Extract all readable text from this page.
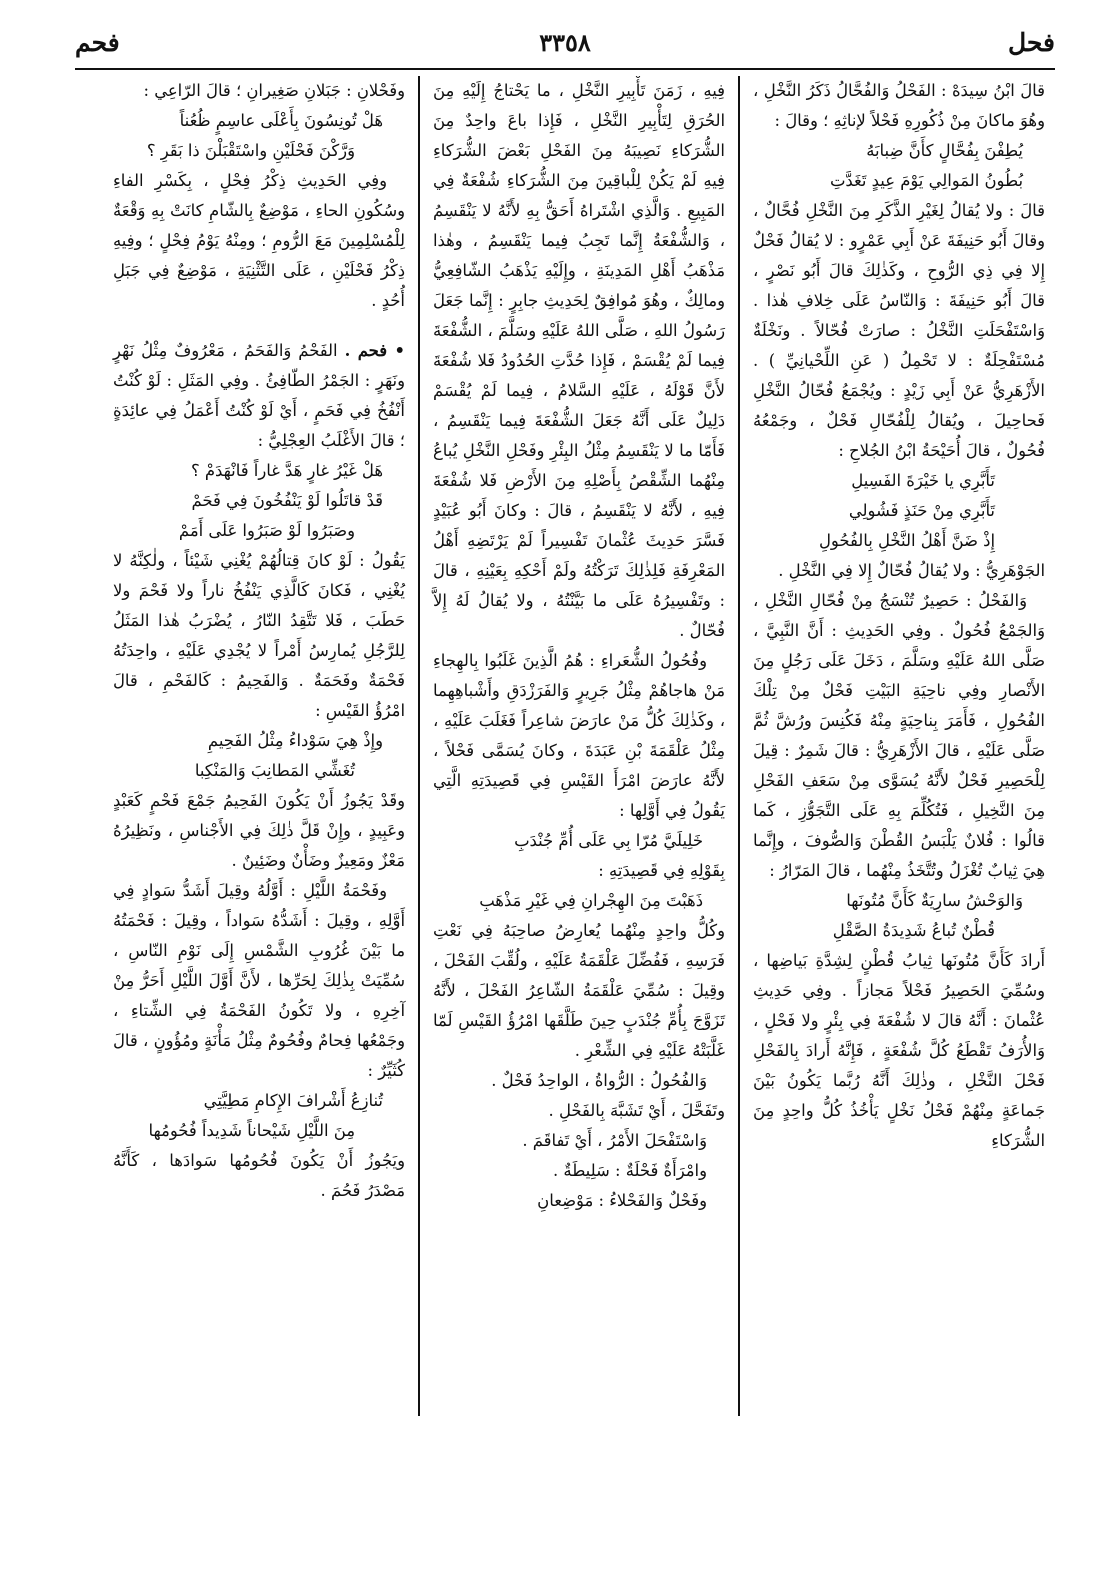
فحل
٣٣٥٨
فحم

قالَ ابْنُ سِيدَهْ : الفَحْلُ وَالفُحَّالُ ذَكَرُ النَّخْلِ ، وهُوَ ماكانَ مِنْ ذُكُورِهِ فَحْلاً لإناثِهِ ؛ وقالَ :

يُطِفْنَ بِفُحَّالٍ كأَنَّ ضِبابَهُ

بُطُونُ المَوالِي يَوْمَ عِيدٍ تَغَدَّتِ

قالَ : ولا يُقالُ لِغَيْرِ الذَّكَرِ مِنَ النَّخْلِ فُحَّالٌ ، وقالَ أَبُو حَنِيفَةَ عَنْ أَبِي عَمْرٍو : لا يُقالُ فَحْلٌ إِلا فِي ذِي الرُّوحِ ، وكَذٰلِكَ قالَ أَبُو نَصْرٍ ، قالَ أَبُو حَنِيفَةَ : وَالنّاسُ عَلَى خِلافِ هٰذا . وَاسْتَفْحَلَتِ النَّخْلُ : صارَتْ فُحّالاً . ونَخْلَةٌ مُسْتَفْحِلَةٌ : لا تَحْمِلُ ( عَنِ اللِّحْيانِيِّ ) . الأَزْهَرِيُّ عَنْ أَبِي زَيْدٍ : ويُجْمَعُ فُحّالُ النَّخْلِ فَحاحِيلَ ، ويُقالُ لِلْفُحّالِ فَحْلٌ ، وجَمْعُهُ فُحُولٌ ، قالَ أُحَيْحَةُ ابْنُ الجُلاحِ :

تَأَبَّرِي يا خَيْرَةَ الفَسِيلِ

تَأَبَّرِي مِنْ حَنَذٍ فَشُولِي

إِذْ ضَنَّ أَهْلُ النَّخْلِ بِالفُحُولِ

الجَوْهَرِيُّ : ولا يُقالُ فُحّالٌ إِلا فِي النَّخْلِ .

وَالفَحْلُ : حَصِيرٌ تُنْسَجُ مِنْ فُحّالِ النَّخْلِ ، وَالجَمْعُ فُحُولٌ . وفِي الحَدِيثِ : أَنَّ النَّبِيَّ ، صَلَّى اللهُ عَلَيْهِ وسَلَّمَ ، دَخَلَ عَلَى رَجُلٍ مِنَ الأَنْصارِ وفِي ناحِيَةِ البَيْتِ فَحْلٌ مِنْ تِلْكَ الفُحُولِ ، فَأَمَرَ بِناحِيَةٍ مِنْهُ فَكُنِسَ ورُشَّ ثُمَّ صَلَّى عَلَيْهِ ، قالَ الأَزْهَرِيُّ : قالَ شَمِرٌ : قِيلَ لِلْحَصِيرِ فَحْلٌ لأَنَّهُ يُسَوَّى مِنْ سَعَفِ الفَحْلِ مِنَ النَّخِيلِ ، فَتُكُلِّمَ بِهِ عَلَى التَّجَوُّزِ ، كَما قالُوا : فُلانٌ يَلْبَسُ القُطْنَ وَالصُّوفَ ، وإِنَّما هِيَ ثِيابٌ تُغْزَلُ وتُتَّخَذُ مِنْهُما ، قالَ المَرّارُ :

وَالوَحْشُ سارِيَةٌ كَأَنَّ مُتُونَها

قُطْنٌ تُباعُ شَدِيدَةُ الصَّقْلِ

أَرادَ كَأَنَّ مُتُونَها ثِيابُ قُطْنٍ لِشِدَّةِ بَياضِها ، وسُمِّيَ الحَصِيرُ فَحْلاً مَجازاً . وفِي حَدِيثِ عُثْمانَ : أَنَّهُ قالَ لا شُفْعَةَ فِي بِئْرٍ ولا فَحْلٍ ، وَالأُرَفُ تَقْطَعُ كُلَّ شُفْعَةٍ ، فَإِنَّهُ أَرادَ بِالفَحْلِ فَحْلَ النَّخْلِ ، وذٰلِكَ أَنَّهُ رُبَّما يَكُونُ بَيْنَ جَماعَةٍ مِنْهُمْ فَحْلُ نَخْلٍ يَأْخُذُ كُلُّ واحِدٍ مِنَ الشُّرَكاءِ

فِيهِ ، زَمَنَ تَأْبِيرِ النَّخْلِ ، ما يَحْتاجُ إِلَيْهِ مِنَ الحُرَقِ لِتَأْبِيرِ النَّخْلِ ، فَإِذا باعَ واحِدٌ مِنَ الشُّرَكاءِ نَصِيبَهُ مِنَ الفَحْلِ بَعْضَ الشُّرَكاءِ فِيهِ لَمْ يَكُنْ لِلْباقِينَ مِنَ الشُّرَكاءِ شُفْعَةٌ فِي المَبِيعِ . وَالَّذِي اشْتَراهُ أَحَقُّ بِهِ لأَنَّهُ لا يَنْقَسِمُ ، وَالشُّفْعَةُ إِنَّما تَجِبُ فِيما يَنْقَسِمُ ، وهٰذا مَذْهَبُ أَهْلِ المَدِينَةِ ، وإِلَيْهِ يَذْهَبُ الشّافِعِيُّ ومالِكٌ ، وهُوَ مُوافِقٌ لِحَدِيثِ جابِرٍ : إِنَّما جَعَلَ رَسُولُ اللهِ ، صَلَّى اللهُ عَلَيْهِ وسَلَّمَ ، الشُّفْعَةَ فِيما لَمْ يُقْسَمْ ، فَإِذا حُدَّتِ الحُدُودُ فَلا شُفْعَةَ لأَنَّ قَوْلَهُ ، عَلَيْهِ السَّلامُ ، فِيما لَمْ يُقْسَمْ دَلِيلٌ عَلَى أَنَّهُ جَعَلَ الشُّفْعَةَ فِيما يَنْقَسِمُ ، فَأَمّا ما لا يَنْقَسِمُ مِثْلُ البِئْرِ وفَحْلِ النَّخْلِ يُباعُ مِنْهُما الشِّقْصُ بِأَصْلِهِ مِنَ الأَرْضِ فَلا شُفْعَةَ فِيهِ ، لأَنَّهُ لا يَنْقَسِمُ ، قالَ : وكانَ أَبُو عُبَيْدٍ فَسَّرَ حَدِيثَ عُثْمانَ تَفْسِيراً لَمْ يَرْتَضِهِ أَهْلُ المَعْرِفَةِ فَلِذٰلِكَ تَرَكْتُهُ ولَمْ أَحْكِهِ بِعَيْنِهِ ، قالَ : وتَفْسِيرُهُ عَلَى ما بَيَّنْتُهُ ، ولا يُقالُ لَهُ إِلاَّ فُحّالٌ .

وفُحُولُ الشُّعَراءِ : هُمُ الَّذِينَ غَلَبُوا بِالهِجاءِ مَنْ هاجاهُمْ مِثْلُ جَرِيرٍ وَالفَرَزْدَقِ وأَشْباهِهِما ، وكَذٰلِكَ كُلُّ مَنْ عارَضَ شاعِراً فَغَلَبَ عَلَيْهِ ، مِثْلُ عَلْقَمَةَ بْنِ عَبَدَةَ ، وكانَ يُسَمَّى فَحْلاً ، لأَنَّهُ عارَضَ امْرَأَ القَيْسِ فِي قَصِيدَتِهِ الَّتِي يَقُولُ فِي أَوَّلِها :

خَلِيلَيَّ مُرّا بِي عَلَى أُمِّ جُنْدَبِ

بِقَوْلِهِ فِي قَصِيدَتِهِ :

ذَهَبْتَ مِنَ الهِجْرانِ فِي غَيْرِ مَذْهَبِ

وكُلُّ واحِدٍ مِنْهُما يُعارِضُ صاحِبَهُ فِي نَعْتِ فَرَسِهِ ، فَفُضِّلَ عَلْقَمَةُ عَلَيْهِ ، ولُقِّبَ الفَحْلَ ، وقِيلَ : سُمِّيَ عَلْقَمَةُ الشّاعِرُ الفَحْلَ ، لأَنَّهُ تَزَوَّجَ بِأُمِّ جُنْدَبٍ حِينَ طَلَّقَها امْرُؤُ القَيْسِ لَمّا غَلَّبَتْهُ عَلَيْهِ فِي الشِّعْرِ .

وَالفُحُولُ : الرُّواةُ ، الواحِدُ فَحْلٌ .

وتَفَحَّلَ ، أَيْ تَشَبَّهَ بِالفَحْلِ .

وَاسْتَفْحَلَ الأَمْرُ ، أَيْ تَفاقَمَ .

وامْرَأَةٌ فَحْلَةٌ : سَلِيطَةٌ .

وفَحْلٌ وَالفَحْلاءُ : مَوْضِعانِ

وفَحْلانِ : جَبَلانِ صَغِيرانِ ؛ قالَ الرّاعِي :

هَلْ تُونِسُونَ بِأَعْلَى عاسِمٍ ظُعُناً

وَرَّكْنَ فَحْلَيْنِ واسْتَقْبَلْنَ ذا بَقَرِ ؟

وفِي الحَدِيثِ ذِكْرُ فِحْلٍ ، بِكَسْرِ الفاءِ وسُكُونِ الحاءِ ، مَوْضِعٌ بِالشّامِ كانَتْ بِهِ وَقْعَةٌ لِلْمُسْلِمِينَ مَعَ الرُّومِ ؛ ومِنْهُ يَوْمُ فِحْلٍ ؛ وفِيهِ ذِكْرُ فَحْلَيْنِ ، عَلَى التَّثْنِيَةِ ، مَوْضِعٌ فِي جَبَلِ أُحُدٍ .

• فحم . الفَحْمُ وَالفَحَمُ ، مَعْرُوفٌ مِثْلُ نَهْرٍ ونَهَرٍ : الجَمْرُ الطّافِئُ . وفِي المَثَلِ : لَوْ كُنْتُ أَنْفُخُ فِي فَحَمٍ ، أَيْ لَوْ كُنْتُ أَعْمَلُ فِي عائِدَةٍ ؛ قالَ الأَغْلَبُ العِجْلِيُّ :

هَلْ غَيْرُ غارٍ هَدَّ غاراً فَانْهَدَمْ ؟

قَدْ قاتَلُوا لَوْ يَنْفُخُونَ فِي فَحَمْ

وصَبَرُوا لَوْ صَبَرُوا عَلَى أَمَمْ

يَقُولُ : لَوْ كانَ قِتالُهُمْ يُغْنِي شَيْئاً ، ولٰكِنَّهُ لا يُغْنِي ، فَكانَ كَالَّذِي يَنْفُخُ ناراً ولا فَحْمَ ولا حَطَبَ ، فَلا تَتَّقِدُ النّارُ ، يُضْرَبُ هٰذا المَثَلُ لِلرَّجُلِ يُمارِسُ أَمْراً لا يُجْدِي عَلَيْهِ ، واحِدَتُهُ فَحْمَةٌ وفَحَمَةٌ . وَالفَحِيمُ : كَالفَحْمِ ، قالَ امْرُؤُ القَيْسِ :

وإِذْ هِيَ سَوْداءُ مِثْلُ الفَحِيمِ

تُغَشِّي المَطانِبَ وَالمَنْكِبا

وقَدْ يَجُوزُ أَنْ يَكُونَ الفَحِيمُ جَمْعَ فَحْمٍ كَعَبْدٍ وعَبِيدٍ ، وإِنْ قَلَّ ذٰلِكَ فِي الأَجْناسِ ، ونَظِيرُهُ مَعْزٌ ومَعِيزٌ وضَأْنٌ وضَئِينٌ .

وفَحْمَةُ اللَّيْلِ : أَوَّلُهُ وقِيلَ أَشَدُّ سَوادٍ فِي أَوَّلِهِ ، وقِيلَ : أَشَدُّهُ سَواداً ، وقِيلَ : فَحْمَتُهُ ما بَيْنَ غُرُوبِ الشَّمْسِ إِلَى نَوْمِ النّاسِ ، سُمِّيَتْ بِذٰلِكَ لِحَرِّها ، لأَنَّ أَوَّلَ اللَّيْلِ أَحَرُّ مِنْ آخِرِهِ ، ولا تَكُونُ الفَحْمَةُ فِي الشِّتاءِ ، وجَمْعُها فِحامٌ وفُحُومٌ مِثْلُ مَأْنَةٍ ومُؤُونٍ ، قالَ كُثَيِّرٌ :

تُنازِعُ أَشْرافَ الإِكامِ مَطِيَّتِي

مِنَ اللَّيْلِ شَيْحاناً شَدِيداً فُحُومُها

ويَجُوزُ أَنْ يَكُونَ فُحُومُها سَوادَها ، كَأَنَّهُ مَصْدَرُ فَحُمَ .
